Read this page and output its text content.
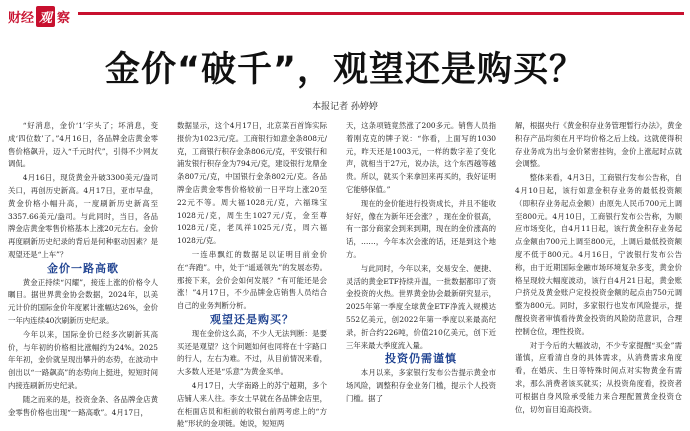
财经 观 察
金价“破千”，观望还是购买？
本报记者 孙婷婷

“好消息，金价‘1’字头了；坏消息，变成‘四位数’了。”4月16日，各品牌金店黄金零售价格飙升，迈入“千元时代”，引得不少网友调侃。

4月16日，现货黄金升破3300美元/盎司关口，再创历史新高。4月17日，亚市早盘，黄金价格小幅升高，一度刷新历史新高至3357.66美元/盎司。与此同时，当日，各品牌金店黄金零售价格基本上涨20元左右。金价再度刷新历史纪录的背后是何种驱动因素？是观望还是“上车”？

金价一路高歌

黄金正持续“闪耀”，接连上涨的价格令人瞩目。据世界黄金协会数据，2024年，以美元计价的国际金价年度累计涨幅达26%，金价一年内连续40次刷新历史纪录。

今年以来，国际金价已经多次刷新其高价，与年初的价格相比涨幅约为24%。2025年年初，金价就呈现出攀升的态势，在波动中创出以“一路飙高”的态势向上挺进，短短时间内接连刷新历史纪录。

随之而来的是，投资金条、各品牌金店黄金零售价格也出现“一路高歌”。4月17日，

数据显示，这个4月17日，北京菜百首饰实际报价为1023元/克。工商银行如意金条808元/克，工商银行积存金条806元/克，平安银行和浦发银行积存金为794元/克，建设银行龙鼎金条807元/克，中国银行金条802元/克。各品牌金店黄金零售价格较前一日平均上涨20至22元不等。周大福1028元/克，六福珠宝1028元/克，周生生1027元/克，金至尊1028元/克，老凤祥1025元/克，周六福1028元/克。

一连串飘红的数据足以证明目前金价在“奔跑”。中，处于“遥遥领先”的发展态势。那接下来，会价会如何发展？“有可能还是会涨！”4月17日，不少品牌金店销售人员结合自己的业务判断分析。

观望还是购买？

现在金价这么高，不少人无法判断：是要买还是观望？这个问题如何也同将在十字路口的行人，左右为难。不过，从目前情况来看，大多数人还是“乐意”为黄金买单。

4月17日，大学南路上的苏宁超期，多个店铺人来人往。李女士早就在各品牌金店里，在柜面店员和柜前的收银台前两考虑上的“方舱”形状的金项链。她说，短短两

天，这条项链竟然涨了200多元。销售人员指着刚克克的牌子说：“你看，上面写的1030元，昨天还是1003元，一样的数字差了变化声，就相当于27元，说办法，这个东西越等越贵。所以，就买个来拿回来再买的，我好证明它能够保值。”

现在的金价能进行投资成长，并且不能收好好，像在为新年还会涨？，现在金价很高，有一部分商家会到来到期，现在的金价涨高的话，……，今年本次会涨的话，还是到这个地方。

与此同时，今年以来，交易安全、便捷、灵活的黄金ETF持续升温，一批数据都印了资金投资的火热。世界黄金协会最新研究显示，2025年第一季度全球黄金ETF净流入规模达552亿美元，创2022年第一季度以来最高纪录，折合约226吨，价值210亿美元，创下近三年来最大季度流入量。

投资仍需谨慎

本月以来，多家银行发布公告提示黄金市场风险，调整积存金业务门槛，提示个人投资门槛。据了

解，根据央行《黄金积存业务管理暂行办法》，黄金积存产品均须在月平均价格之后上线。这就使得积存业务成为出与金价紧密挂钩，金价上涨起时点就会调整。

整体来看，4月3日，工商银行发布公告称，自4月10日起，该行如意金积存业务的最低投资额（即积存业务起点金额）由原先人民币700元上调至800元。4月10日，工商银行发布公告称，为顺应市场变化，自4月11日起，该行黄金积存业务起点金额由700元上调至800元，上调后最低投资额度不低于800元。4月16日，宁波银行发布公告称，由于近期国际金融市场环境复杂多变，黄金价格呈现较大幅度波动，该行自4月21日起，黄金账户挤兑及黄金账户定投投资金额的起点由750元调整为800元。同时，多家银行也发布风险提示，提醒投资者审慎看待黄金投资的风险防范意识，合理控制仓位，理性投资。

对于今后的大幅波动，不少专家提醒“买金”需谨慎，应看清自身的具体需求，从消费需求角度看，在婚庆、生日等特殊时间点对实物黄金有需求，那么消费者该买就买；从投资角度看，投资者可根据自身风险承受能力来合理配置黄金投资仓位，切勿盲目追高投资。
